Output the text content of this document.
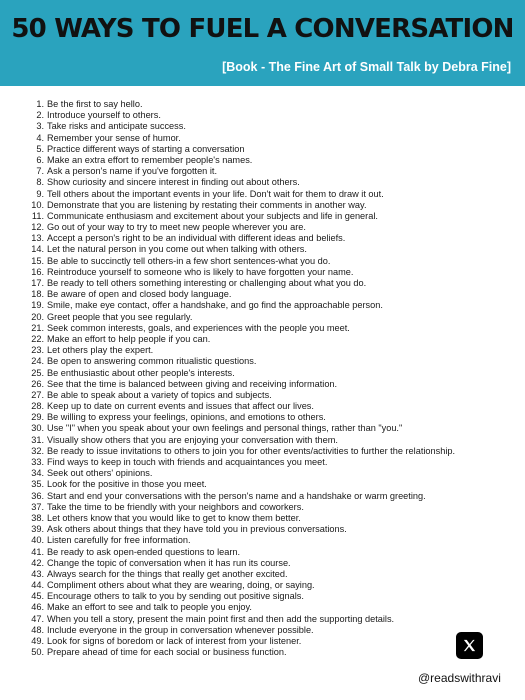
50 WAYS TO FUEL A CONVERSATION
[Book - The Fine Art of Small Talk by Debra Fine]
1. Be the first to say hello.
2. Introduce yourself to others.
3. Take risks and anticipate success.
4. Remember your sense of humor.
5. Practice different ways of starting a conversation
6. Make an extra effort to remember people's names.
7. Ask a person's name if you've forgotten it.
8. Show curiosity and sincere interest in finding out about others.
9. Tell others about the important events in your life. Don't wait for them to draw it out.
10. Demonstrate that you are listening by restating their comments in another way.
11. Communicate enthusiasm and excitement about your subjects and life in general.
12. Go out of your way to try to meet new people wherever you are.
13. Accept a person's right to be an individual with different ideas and beliefs.
14. Let the natural person in you come out when talking with others.
15. Be able to succinctly tell others-in a few short sentences-what you do.
16. Reintroduce yourself to someone who is likely to have forgotten your name.
17. Be ready to tell others something interesting or challenging about what you do.
18. Be aware of open and closed body language.
19. Smile, make eye contact, offer a handshake, and go find the approachable person.
20. Greet people that you see regularly.
21. Seek common interests, goals, and experiences with the people you meet.
22. Make an effort to help people if you can.
23. Let others play the expert.
24. Be open to answering common ritualistic questions.
25. Be enthusiastic about other people's interests.
26. See that the time is balanced between giving and receiving information.
27. Be able to speak about a variety of topics and subjects.
28. Keep up to date on current events and issues that affect our lives.
29. Be willing to express your feelings, opinions, and emotions to others.
30. Use "I" when you speak about your own feelings and personal things, rather than "you."
31. Visually show others that you are enjoying your conversation with them.
32. Be ready to issue invitations to others to join you for other events/activities to further the relationship.
33. Find ways to keep in touch with friends and acquaintances you meet.
34. Seek out others' opinions.
35. Look for the positive in those you meet.
36. Start and end your conversations with the person's name and a handshake or warm greeting.
37. Take the time to be friendly with your neighbors and coworkers.
38. Let others know that you would like to get to know them better.
39. Ask others about things that they have told you in previous conversations.
40. Listen carefully for free information.
41. Be ready to ask open-ended questions to learn.
42. Change the topic of conversation when it has run its course.
43. Always search for the things that really get another excited.
44. Compliment others about what they are wearing, doing, or saying.
45. Encourage others to talk to you by sending out positive signals.
46. Make an effort to see and talk to people you enjoy.
47. When you tell a story, present the main point first and then add the supporting details.
48. Include everyone in the group in conversation whenever possible.
49. Look for signs of boredom or lack of interest from your listener.
50. Prepare ahead of time for each social or business function.
@readswithravi
